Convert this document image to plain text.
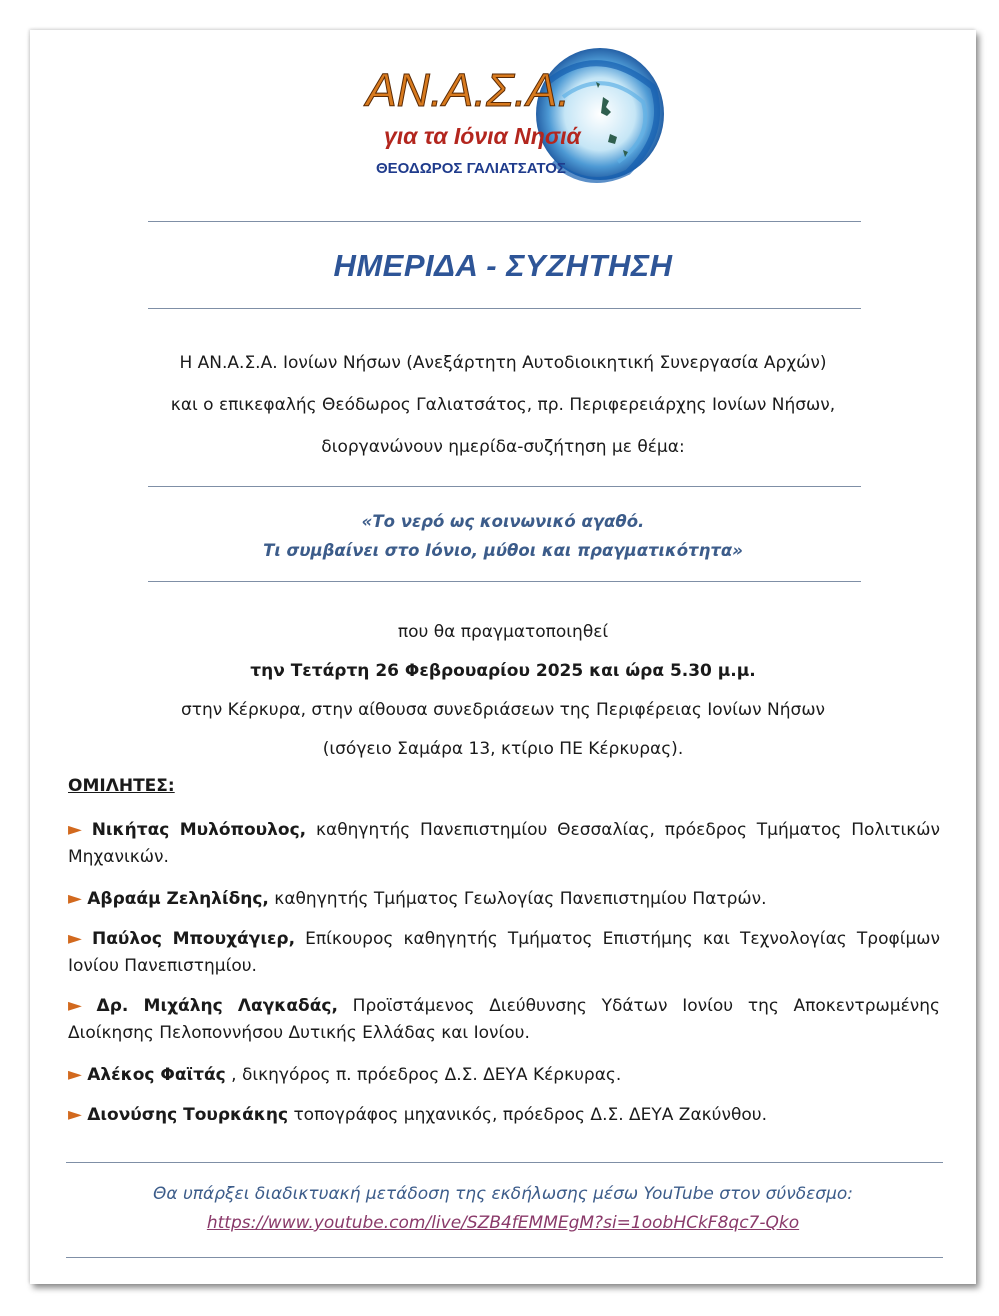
ΑΝ.Α.Σ.Α.
για τα Ιόνια Νησιά
ΘΕΟΔΩΡΟΣ ΓΑΛΙΑΤΣΑΤΟΣ
ΗΜΕΡΙΔΑ - ΣΥΖΗΤΗΣΗ
Η ΑΝ.Α.Σ.Α. Ιονίων Νήσων (Ανεξάρτητη Αυτοδιοικητική Συνεργασία Αρχών)
και ο επικεφαλής Θεόδωρος Γαλιατσάτος, πρ. Περιφερειάρχης Ιονίων Νήσων,
διοργανώνουν ημερίδα-συζήτηση με θέμα:
«Το νερό ως κοινωνικό αγαθό.
Τι συμβαίνει στο Ιόνιο, μύθοι και πραγματικότητα»
που θα πραγματοποιηθεί
την Τετάρτη 26 Φεβρουαρίου 2025 και ώρα 5.30 μ.μ.
στην Κέρκυρα, στην αίθουσα συνεδριάσεων της Περιφέρειας Ιονίων Νήσων
(ισόγειο Σαμάρα 13, κτίριο ΠΕ Κέρκυρας).
ΟΜΙΛΗΤΕΣ:
► Νικήτας Μυλόπουλος, καθηγητής Πανεπιστημίου Θεσσαλίας, πρόεδρος Τμήματος Πολιτικών Μηχανικών.
► Αβραάμ Ζεληλίδης, καθηγητής Τμήματος Γεωλογίας Πανεπιστημίου Πατρών.
► Παύλος Μπουχάγιερ, Επίκουρος καθηγητής Τμήματος Επιστήμης και Τεχνολογίας Τροφίμων Ιονίου Πανεπιστημίου.
► Δρ. Μιχάλης Λαγκαδάς, Προϊστάμενος Διεύθυνσης Υδάτων Ιονίου της Αποκεντρωμένης Διοίκησης Πελοποννήσου Δυτικής Ελλάδας και Ιονίου.
► Αλέκος Φαϊτάς , δικηγόρος π. πρόεδρος Δ.Σ. ΔΕΥΑ Κέρκυρας.
► Διονύσης Τουρκάκης τοπογράφος μηχανικός, πρόεδρος Δ.Σ. ΔΕΥΑ Ζακύνθου.
Θα υπάρξει διαδικτυακή μετάδοση της εκδήλωσης μέσω YouTube στον σύνδεσμο:
https://www.youtube.com/live/SZB4fEMMEgM?si=1oobHCkF8qc7-Qko
